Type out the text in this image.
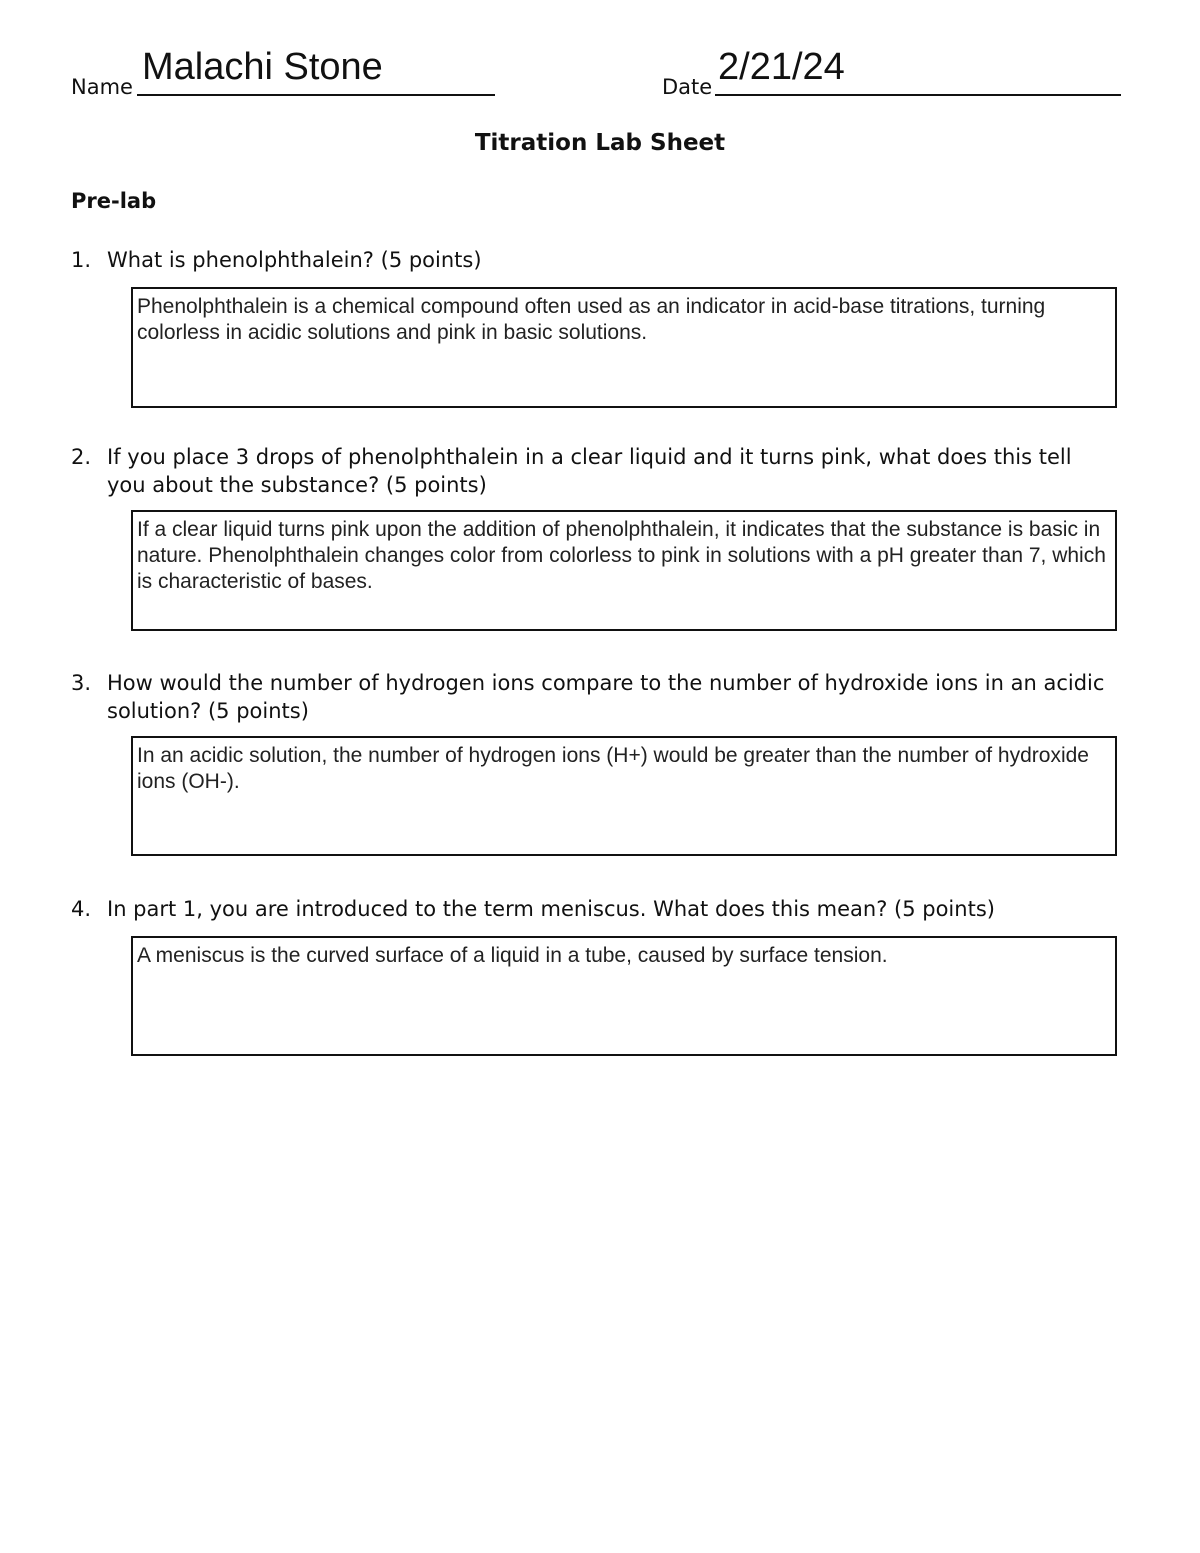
Name Malachi Stone	Date 2/21/24
Titration Lab Sheet
Pre-lab
1. What is phenolphthalein? (5 points)
Phenolphthalein is a chemical compound often used as an indicator in acid-base titrations, turning colorless in acidic solutions and pink in basic solutions.
2. If you place 3 drops of phenolphthalein in a clear liquid and it turns pink, what does this tell you about the substance? (5 points)
If a clear liquid turns pink upon the addition of phenolphthalein, it indicates that the substance is basic in nature. Phenolphthalein changes color from colorless to pink in solutions with a pH greater than 7, which is characteristic of bases.
3. How would the number of hydrogen ions compare to the number of hydroxide ions in an acidic solution? (5 points)
In an acidic solution, the number of hydrogen ions (H+) would be greater than the number of hydroxide ions (OH-).
4. In part 1, you are introduced to the term meniscus. What does this mean? (5 points)
A meniscus is the curved surface of a liquid in a tube, caused by surface tension.
